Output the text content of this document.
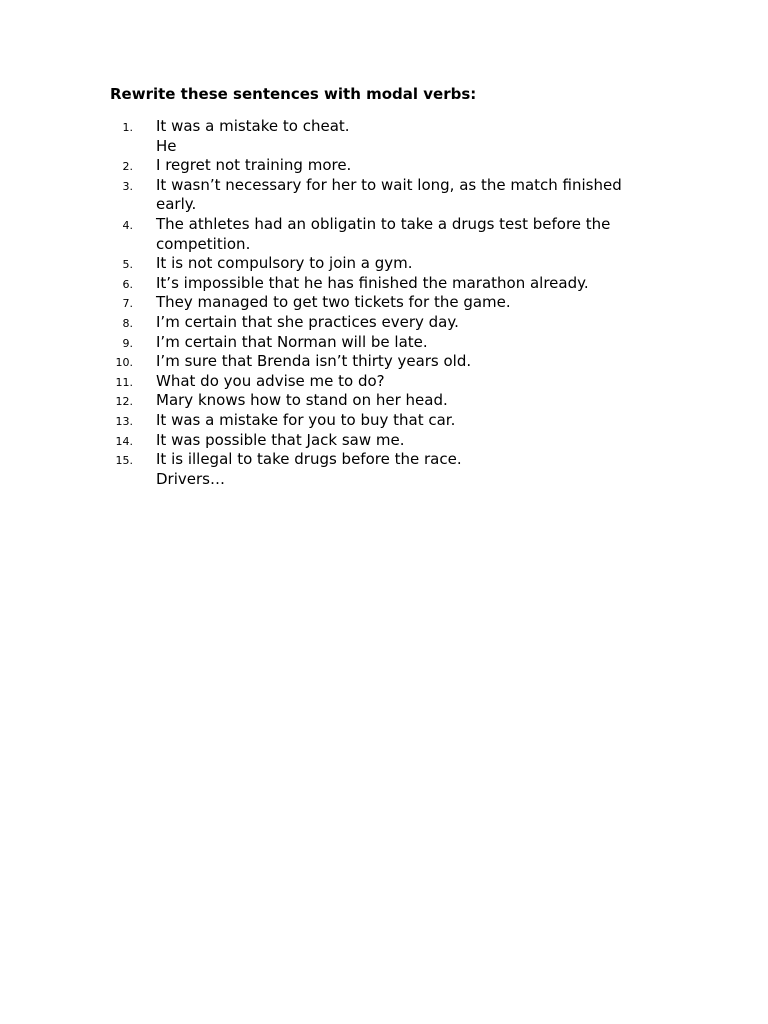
Rewrite these sentences with modal verbs:
1. It was a mistake to cheat.
He
2. I regret not training more.
3. It wasn’t necessary for her to wait long, as the match finished early.
4. The athletes had an obligatin to take a drugs test before the competition.
5. It is not compulsory to join a gym.
6. It’s impossible that he has finished the marathon already.
7. They managed to get two tickets for the game.
8. I’m certain that she practices every day.
9. I’m certain that Norman will be late.
10. I’m sure that Brenda isn’t thirty years old.
11. What do you advise me to do?
12. Mary knows how to stand on her head.
13. It was a mistake for you to buy that car.
14. It was possible that Jack saw me.
15. It is illegal to take drugs before the race.
Drivers…
